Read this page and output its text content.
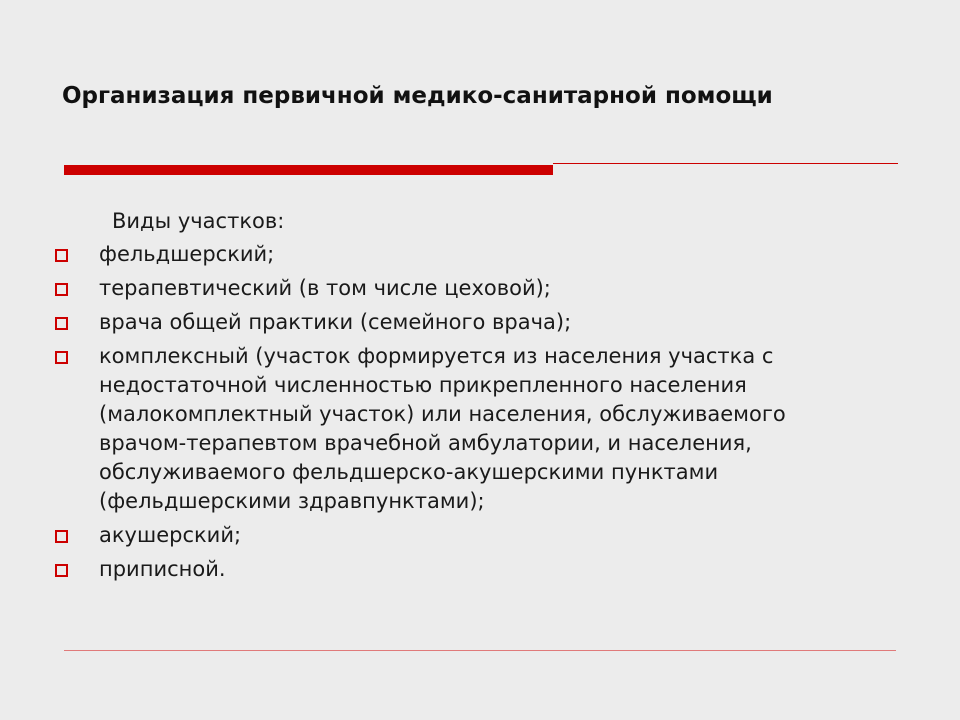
Организация первичной медико-санитарной помощи
Виды участков:
фельдшерский;
терапевтический (в том числе цеховой);
врача общей практики (семейного врача);
комплексный (участок формируется из населения участка с недостаточной численностью прикрепленного населения (малокомплектный участок) или населения, обслуживаемого врачом-терапевтом врачебной амбулатории, и населения, обслуживаемого фельдшерско-акушерскими пунктами (фельдшерскими здравпунктами);
акушерский;
приписной.
